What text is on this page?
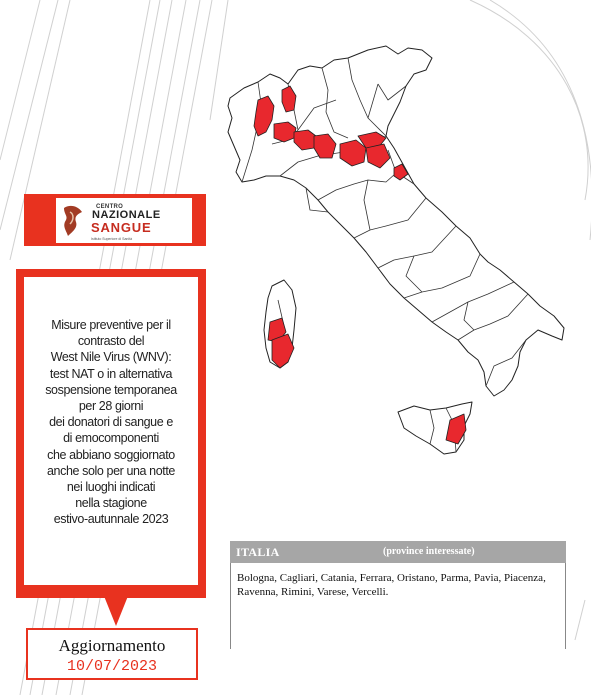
CENTRO
NAZIONALE
SANGUE
Istituto Superiore di Sanità
Misure preventive per il
contrasto del
West Nile Virus (WNV):
test NAT o in alternativa
sospensione temporanea
per 28 giorni
dei donatori di sangue e
di emocomponenti
che abbiano soggiornato
anche solo per una notte
nei luoghi indicati
nella stagione
estivo-autunnale 2023
Aggiornamento
10/07/2023
ITALIA	(province interessate)
Bologna, Cagliari, Catania, Ferrara, Oristano, Parma, Pavia, Piacenza, Ravenna, Rimini, Varese, Vercelli.
